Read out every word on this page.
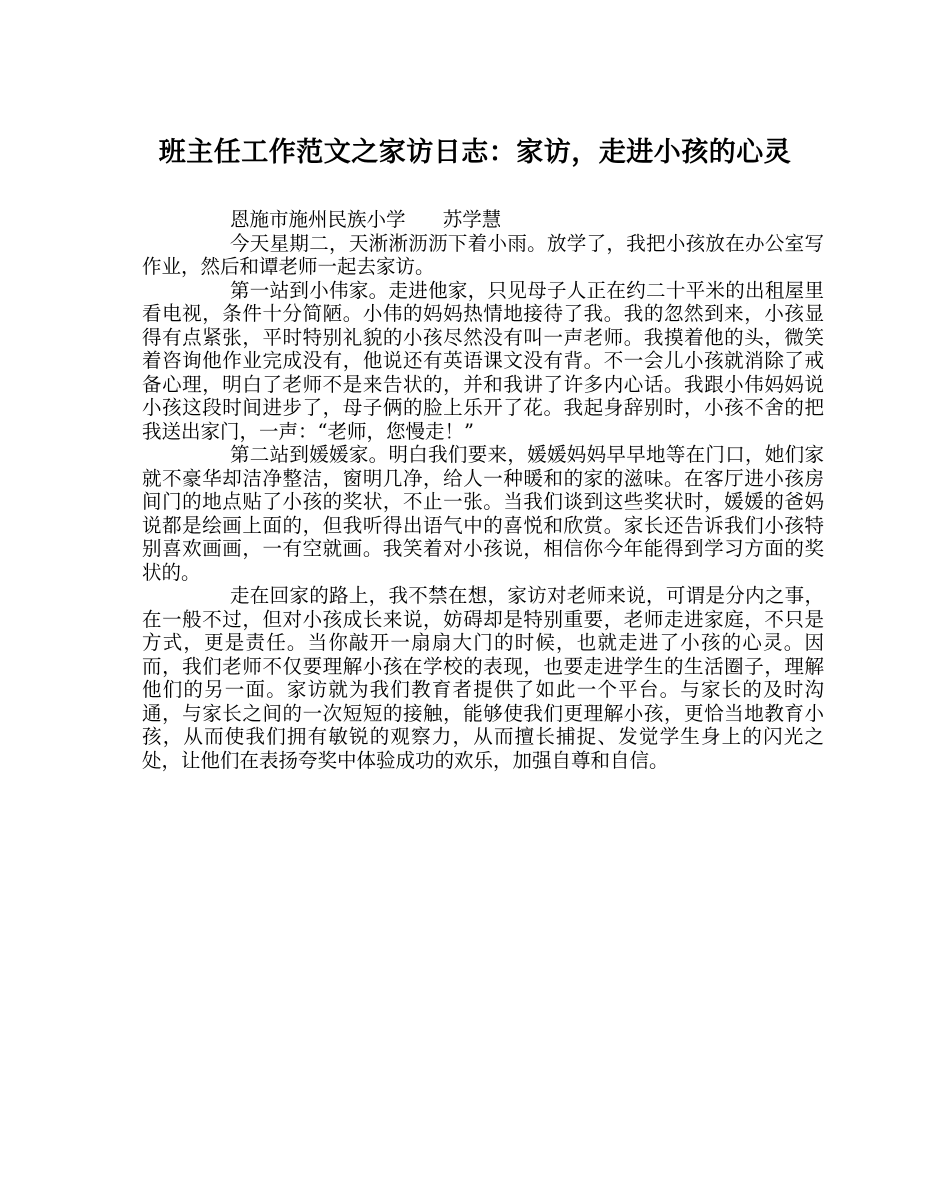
班主任工作范文之家访日志：家访，走进小孩的心灵
恩施市施州民族小学      苏学慧

今天星期二，天淅淅沥沥下着小雨。放学了，我把小孩放在办公室写作业，然后和谭老师一起去家访。

第一站到小伟家。走进他家，只见母子人正在约二十平米的出租屋里看电视，条件十分简陋。小伟的妈妈热情地接待了我。我的忽然到来，小孩显得有点紧张，平时特别礼貌的小孩尽然没有叫一声老师。我摸着他的头，微笑着咨询他作业完成没有，他说还有英语课文没有背。不一会儿小孩就消除了戒备心理，明白了老师不是来告状的，并和我讲了许多内心话。我跟小伟妈妈说小孩这段时间进步了，母子俩的脸上乐开了花。我起身辞别时，小孩不舍的把我送出家门，一声：“老师，您慢走！”

第二站到媛媛家。明白我们要来，媛媛妈妈早早地等在门口，她们家就不豪华却洁净整洁，窗明几净，给人一种暖和的家的滋味。在客厅进小孩房间门的地点贴了小孩的奖状，不止一张。当我们谈到这些奖状时，媛媛的爸妈说都是绘画上面的，但我听得出语气中的喜悦和欣赏。家长还告诉我们小孩特别喜欢画画，一有空就画。我笑着对小孩说，相信你今年能得到学习方面的奖状的。

走在回家的路上，我不禁在想，家访对老师来说，可谓是分内之事，在一般不过，但对小孩成长来说，妨碍却是特别重要，老师走进家庭，不只是方式，更是责任。当你敲开一扇扇大门的时候，也就走进了小孩的心灵。因而，我们老师不仅要理解小孩在学校的表现，也要走进学生的生活圈子，理解他们的另一面。家访就为我们教育者提供了如此一个平台。与家长的及时沟通，与家长之间的一次短短的接触，能够使我们更理解小孩，更恰当地教育小孩，从而使我们拥有敏锐的观察力，从而擅长捕捉、发觉学生身上的闪光之处，让他们在表扬夸奖中体验成功的欢乐，加强自尊和自信。
